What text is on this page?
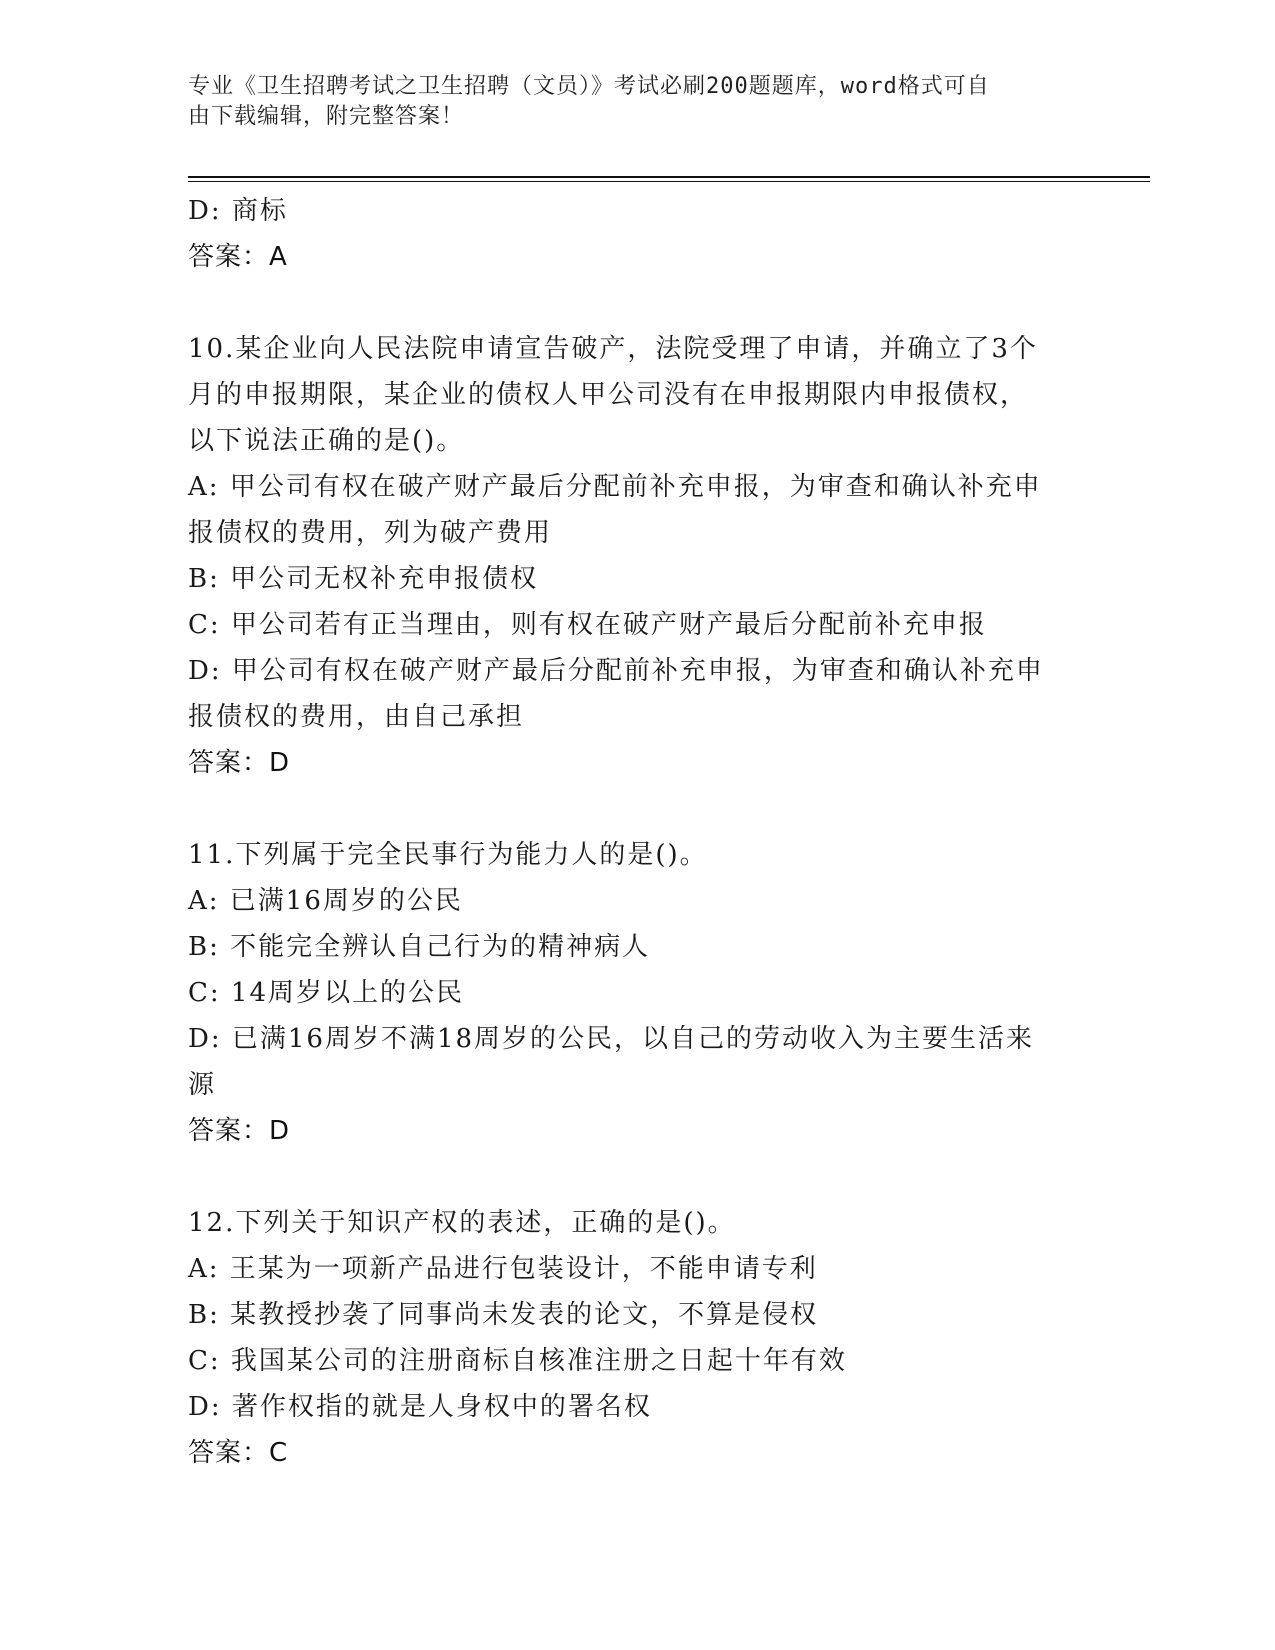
专业《卫生招聘考试之卫生招聘（文员）》考试必刷200题题库，word格式可自
由下载编辑，附完整答案！
D: 商标
答案：A
10.某企业向人民法院申请宣告破产，法院受理了申请，并确立了3个
月的申报期限，某企业的债权人甲公司没有在申报期限内申报债权，
以下说法正确的是()。
A: 甲公司有权在破产财产最后分配前补充申报，为审查和确认补充申
报债权的费用，列为破产费用
B: 甲公司无权补充申报债权
C: 甲公司若有正当理由，则有权在破产财产最后分配前补充申报
D: 甲公司有权在破产财产最后分配前补充申报，为审查和确认补充申
报债权的费用，由自己承担
答案：D
11.下列属于完全民事行为能力人的是()。
A: 已满16周岁的公民
B: 不能完全辨认自己行为的精神病人
C: 14周岁以上的公民
D: 已满16周岁不满18周岁的公民，以自己的劳动收入为主要生活来
源
答案：D
12.下列关于知识产权的表述，正确的是()。
A: 王某为一项新产品进行包装设计，不能申请专利
B: 某教授抄袭了同事尚未发表的论文，不算是侵权
C: 我国某公司的注册商标自核准注册之日起十年有效
D: 著作权指的就是人身权中的署名权
答案：C
